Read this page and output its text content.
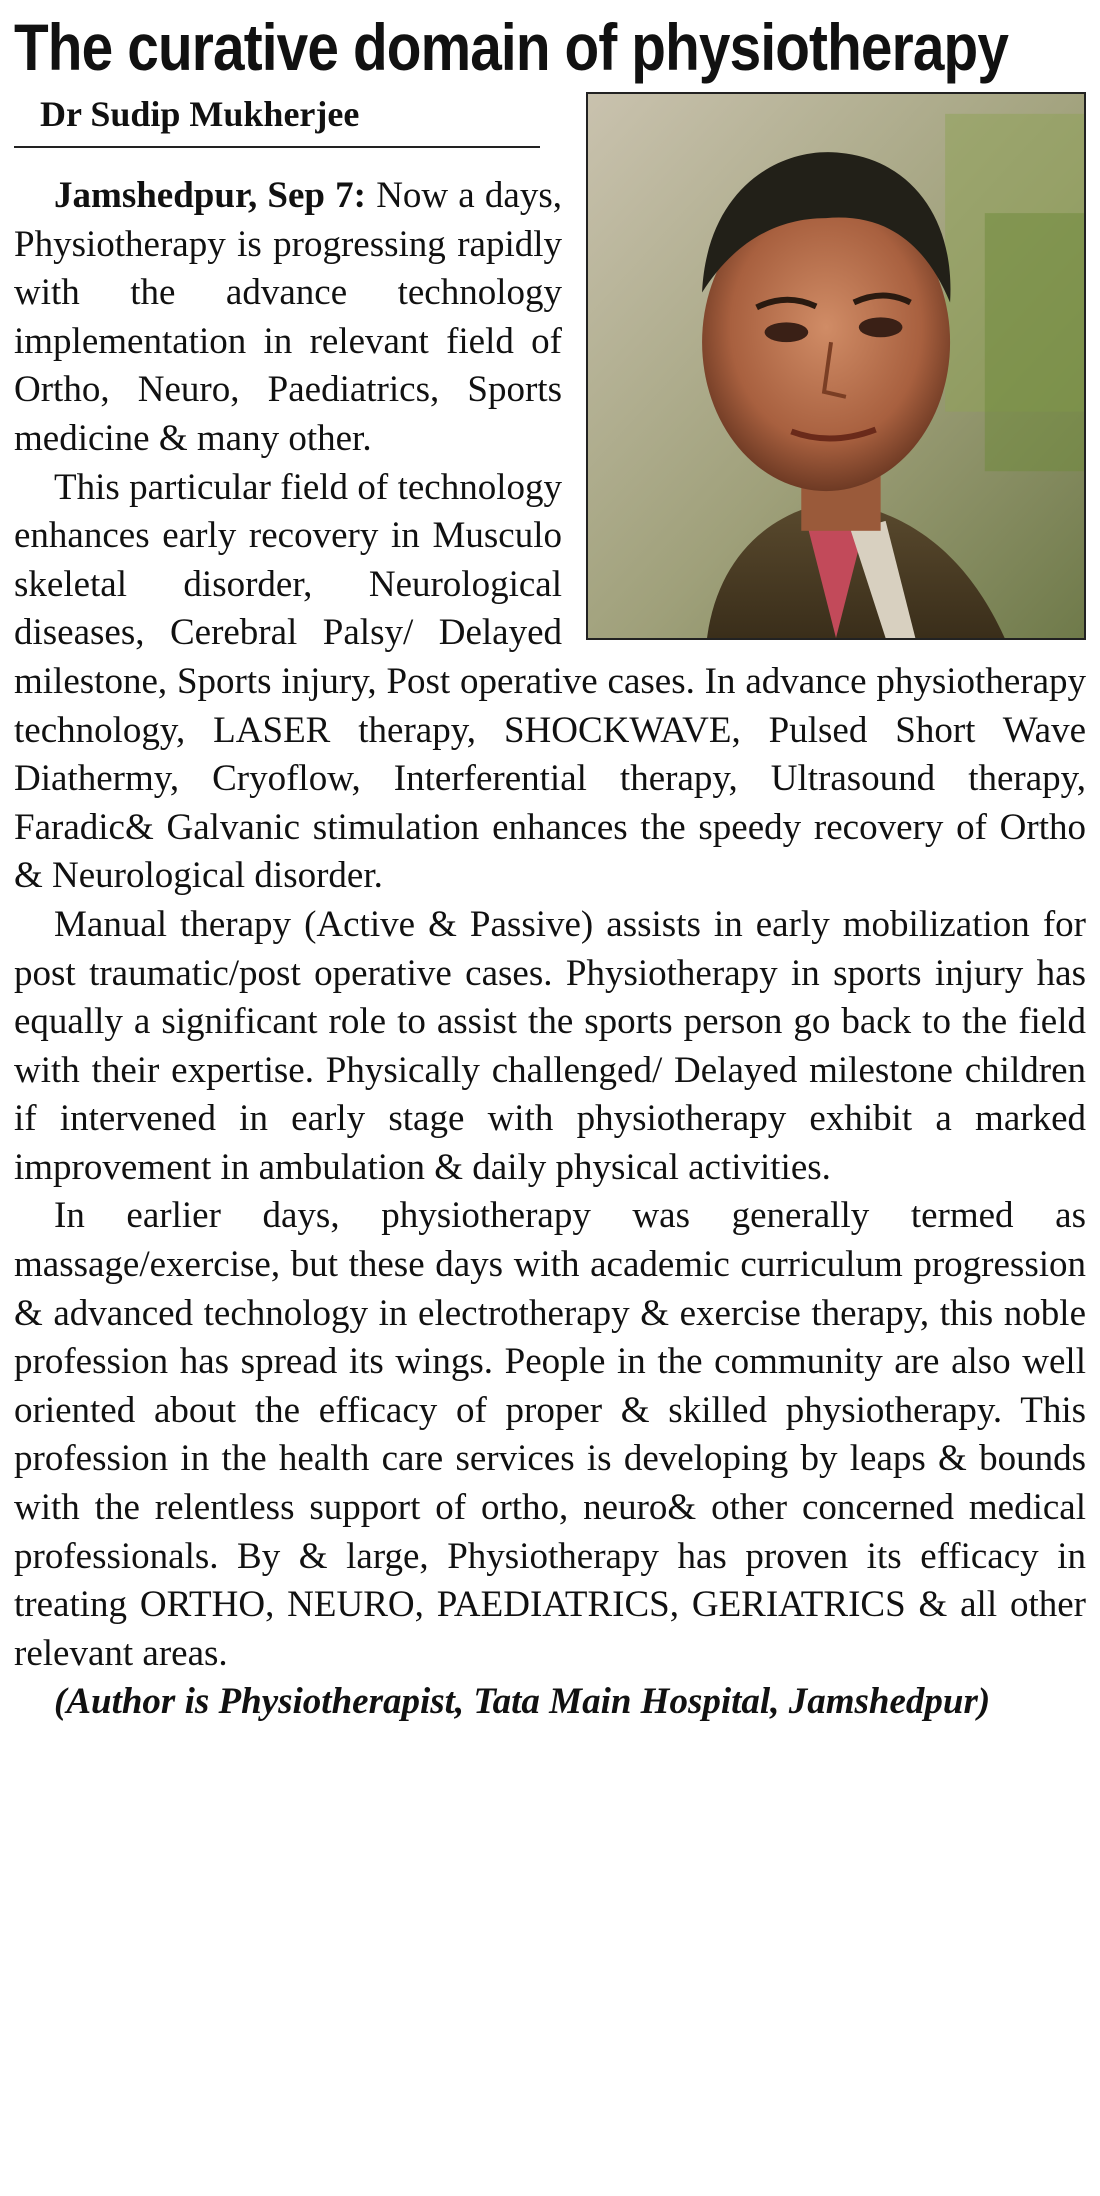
The curative domain of physiotherapy
Dr Sudip Mukherjee

Jamshedpur, Sep 7: Now a days, Physiotherapy is progressing rapidly with the advance technology implementation in relevant field of Ortho, Neuro, Paediatrics, Sports medicine & many other.

This particular field of technology enhances early recovery in Musculo skeletal disorder, Neurological diseases, Cerebral Palsy/ Delayed milestone, Sports injury, Post operative cases. In advance physiotherapy technology, LASER therapy, SHOCKWAVE, Pulsed Short Wave Diathermy, Cryoflow, Interferential therapy, Ultrasound therapy, Faradic& Galvanic stimulation enhances the speedy recovery of Ortho & Neurological disorder.

Manual therapy (Active & Passive) assists in early mobilization for post traumatic/post operative cases. Physiotherapy in sports injury has equally a significant role to assist the sports person go back to the field with their expertise. Physically challenged/ Delayed milestone children if intervened in early stage with physiotherapy exhibit a marked improvement in ambulation & daily physical activities.

In earlier days, physiotherapy was generally termed as massage/exercise, but these days with academic curriculum progression & advanced technology in electrotherapy & exercise therapy, this noble profession has spread its wings. People in the community are also well oriented about the efficacy of proper & skilled physiotherapy. This profession in the health care services is developing by leaps & bounds with the relentless support of ortho, neuro& other concerned medical professionals. By & large, Physiotherapy has proven its efficacy in treating ORTHO, NEURO, PAEDIATRICS, GERIATRICS & all other relevant areas.

(Author is Physiotherapist, Tata Main Hospital, Jamshedpur)
